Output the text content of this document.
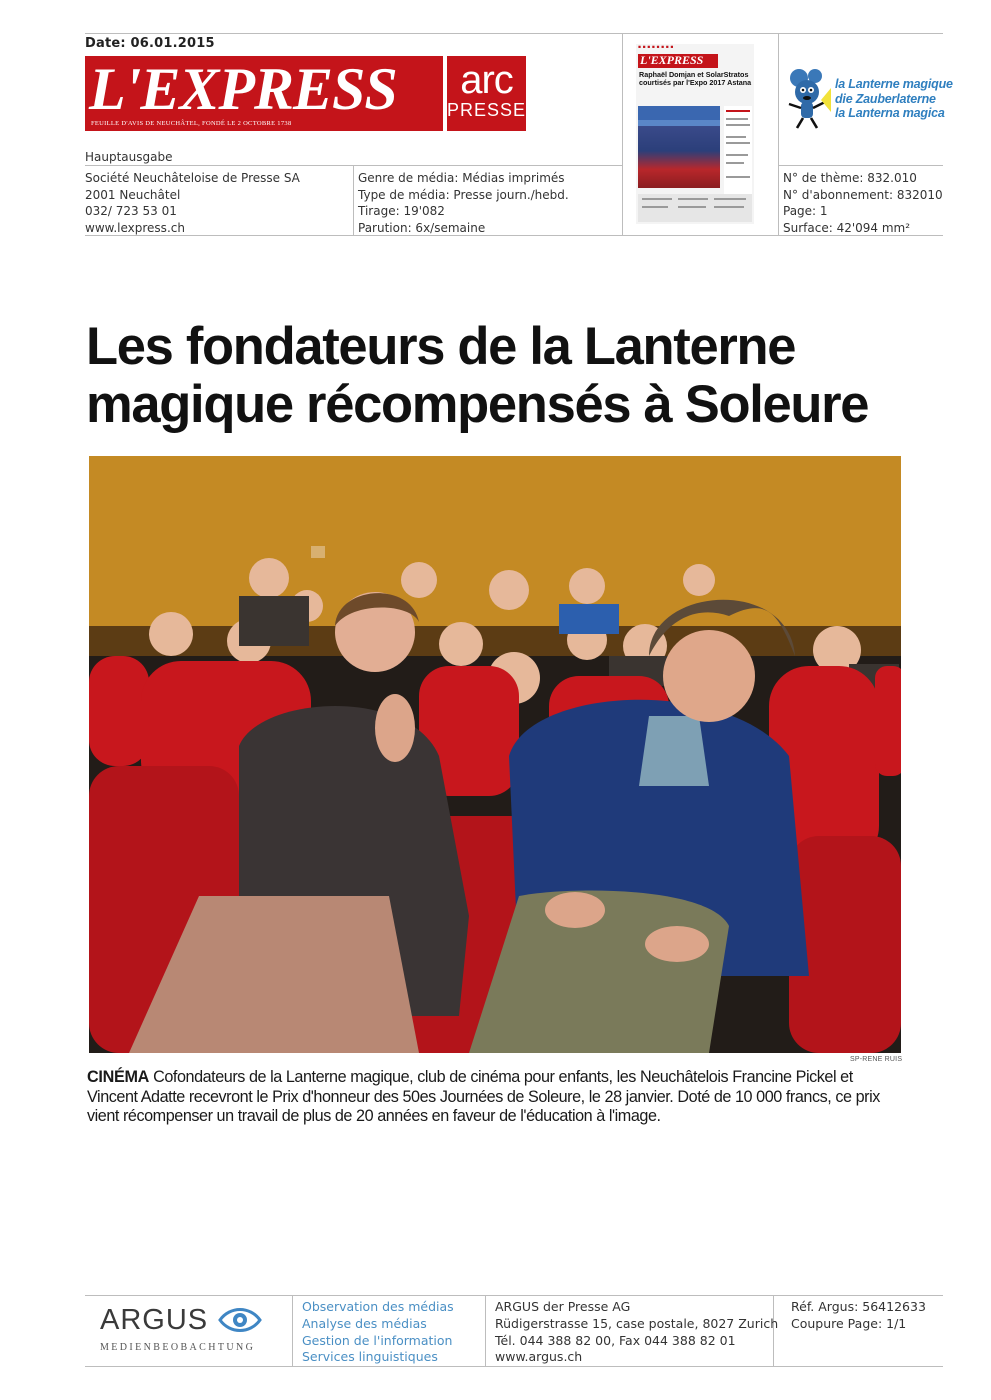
Date: 06.01.2015
L'EXPRESS
FEUILLE D'AVIS DE NEUCHÂTEL, FONDÉ LE 2 OCTOBRE 1738
arc
PRESSE
Hauptausgabe
Société Neuchâteloise de Presse SA
2001 Neuchâtel
032/ 723 53 01
www.lexpress.ch
Genre de média: Médias imprimés
Type de média: Presse journ./hebd.
Tirage: 19'082
Parution: 6x/semaine
N° de thème: 832.010
N° d'abonnement: 832010
Page: 1
Surface: 42'094 mm²
▪ ▪ ▪ ▪ ▪ ▪ ▪ ▪
L'EXPRESS
Raphaël Domjan et SolarStratos courtisés par l'Expo 2017 Astana	la Lanterne magique
die Zauberlaterne
la Lanterna magica
Les fondateurs de la Lanterne magique récompensés à Soleure
SP-RENE RUIS
CINÉMA Cofondateurs de la Lanterne magique, club de cinéma pour enfants, les Neuchâtelois Francine Pickel et Vincent Adatte recevront le Prix d'honneur des 50es Journées de Soleure, le 28 janvier. Doté de 10 000 francs, ce prix vient récompenser un travail de plus de 20 années en faveur de l'éducation à l'image.
ARGUS
MEDIENBEOBACHTUNG
Observation des médias
Analyse des médias
Gestion de l'information
Services linguistiques
ARGUS der Presse AG
Rüdigerstrasse 15, case postale, 8027 Zurich
Tél. 044 388 82 00, Fax 044 388 82 01
www.argus.ch
Réf. Argus: 56412633
Coupure Page: 1/1
